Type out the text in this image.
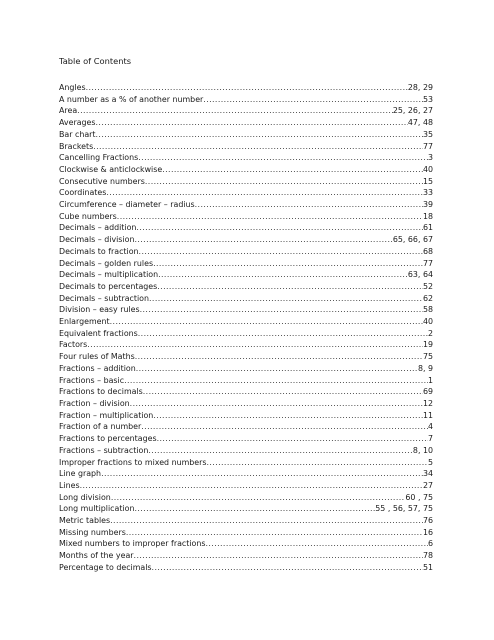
Table of Contents
Angles .....	28, 29
A number as a % of another number .....	53
Area .....	25, 26, 27
Averages .....	47, 48
Bar chart .....	35
Brackets .....	77
Cancelling Fractions .....	3
Clockwise & anticlockwise .....	40
Consecutive numbers .....	15
Coordinates .....	33
Circumference – diameter – radius .....	39
Cube numbers .....	18
Decimals – addition .....	61
Decimals – division .....	65, 66, 67
Decimals to fraction .....	68
Decimals – golden rules .....	77
Decimals – multiplication .....	63, 64
Decimals to percentages .....	52
Decimals – subtraction .....	62
Division – easy rules .....	58
Enlargement .....	40
Equivalent fractions .....	2
Factors .....	19
Four rules of Maths .....	75
Fractions – addition .....	8, 9
Fractions – basic .....	1
Fractions to decimals .....	69
Fraction – division .....	12
Fraction – multiplication .....	11
Fraction of a number .....	4
Fractions to percentages .....	7
Fractions – subtraction .....	8, 10
Improper fractions to mixed numbers .....	5
Line graph .....	34
Lines .....	27
Long division .....	60 , 75
Long multiplication .....	55 , 56, 57, 75
Metric tables .....	76
Missing numbers .....	16
Mixed numbers to improper fractions .....	6
Months of the year .....	78
Percentage to decimals .....	51
